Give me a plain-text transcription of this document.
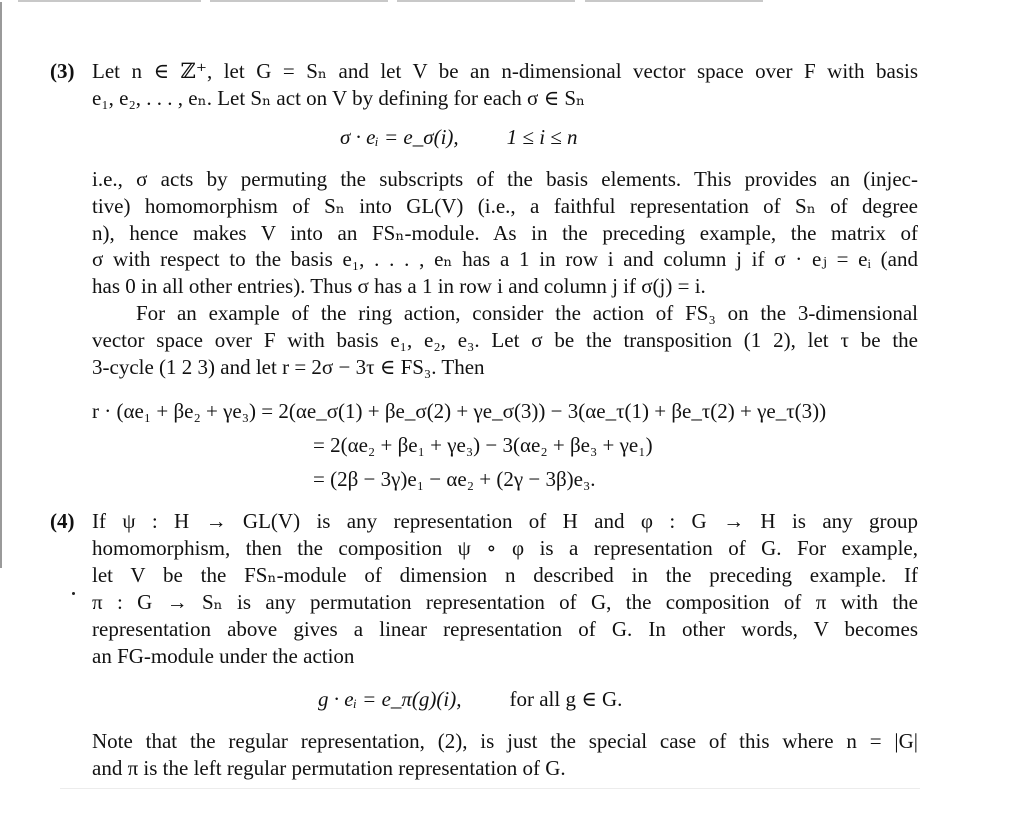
(3) Let n ∈ ℤ⁺, let G = Sₙ and let V be an n-dimensional vector space over F with basis
e₁, e₂, . . . , eₙ. Let Sₙ act on V by defining for each σ ∈ Sₙ
σ · eᵢ = e_σ(i), 1 ≤ i ≤ n
i.e., σ acts by permuting the subscripts of the basis elements. This provides an (injec-
tive) homomorphism of Sₙ into GL(V) (i.e., a faithful representation of Sₙ of degree
n), hence makes V into an FSₙ-module. As in the preceding example, the matrix of
σ with respect to the basis e₁, . . . , eₙ has a 1 in row i and column j if σ · eⱼ = eᵢ (and
has 0 in all other entries). Thus σ has a 1 in row i and column j if σ(j) = i.
For an example of the ring action, consider the action of FS₃ on the 3-dimensional
vector space over F with basis e₁, e₂, e₃. Let σ be the transposition (1 2), let τ be the
3-cycle (1 2 3) and let r = 2σ − 3τ ∈ FS₃. Then
r · (αe₁ + βe₂ + γe₃) = 2(αe_σ(1) + βe_σ(2) + γe_σ(3)) − 3(αe_τ(1) + βe_τ(2) + γe_τ(3))
= 2(αe₂ + βe₁ + γe₃) − 3(αe₂ + βe₃ + γe₁)
= (2β − 3γ)e₁ − αe₂ + (2γ − 3β)e₃.
(4) If ψ : H → GL(V) is any representation of H and φ : G → H is any group
homomorphism, then the composition ψ ∘ φ is a representation of G. For example,
let V be the FSₙ-module of dimension n described in the preceding example. If
π : G → Sₙ is any permutation representation of G, the composition of π with the
representation above gives a linear representation of G. In other words, V becomes
an FG-module under the action
g · eᵢ = e_π(g)(i), for all g ∈ G.
Note that the regular representation, (2), is just the special case of this where n = |G|
and π is the left regular permutation representation of G.
